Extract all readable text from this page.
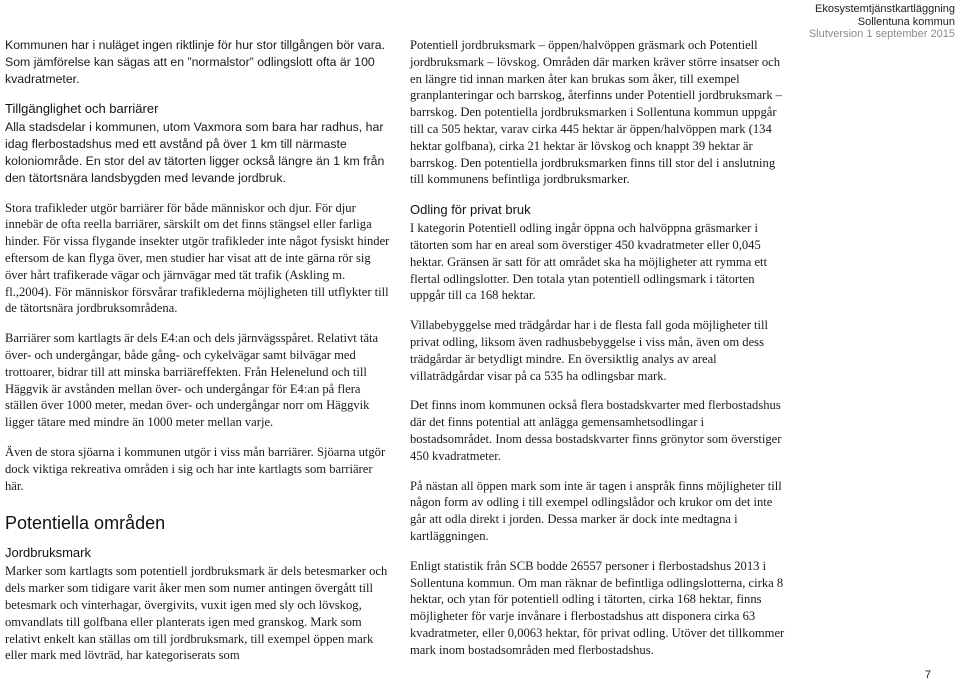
Ekosystemtjänstkartläggning
Sollentuna kommun
Slutversion 1 september 2015

Kommunen har i nuläget ingen riktlinje för hur stor tillgången bör vara. Som jämförelse kan sägas att en ”normalstor” odlingslott ofta är 100 kvadratmeter.

Tillgänglighet och barriärer

Alla stadsdelar i kommunen, utom Vaxmora som bara har radhus, har idag flerbostadshus med ett avstånd på över 1 km till närmaste koloniområde. En stor del av tätorten ligger också längre än 1 km från den tätortsnära landsbygden med levande jordbruk.

Stora trafikleder utgör barriärer för både människor och djur. För djur innebär de ofta reella barriärer, särskilt om det finns stängsel eller farliga hinder. För vissa flygande insekter utgör trafikleder inte något fysiskt hinder eftersom de kan flyga över, men studier har visat att de inte gärna rör sig över hårt trafikerade vägar och järnvägar med tät trafik (Askling m. fl.,2004). För människor försvårar trafiklederna möjligheten till utflykter till de tätortsnära jordbruksområdena.

Barriärer som kartlagts är dels E4:an och dels järnvägsspåret. Relativt täta över- och undergångar, både gång- och cykelvägar samt bilvägar med trottoarer, bidrar till att minska barriäreffekten. Från Helenelund och till Häggvik är avstånden mellan över- och undergångar för E4:an på flera ställen över 1000 meter, medan över- och undergångar norr om Häggvik ligger tätare med mindre än 1000 meter mellan varje.

Även de stora sjöarna i kommunen utgör i viss mån barriärer. Sjöarna utgör dock viktiga rekreativa områden i sig och har inte kartlagts som barriärer här.

Potentiella områden
Jordbruksmark

Marker som kartlagts som potentiell jordbruksmark är dels betesmarker och dels marker som tidigare varit åker men som numer antingen övergått till betesmark och vinterhagar, övergivits, vuxit igen med sly och lövskog, omvandlats till golfbana eller planterats igen med granskog. Mark som relativt enkelt kan ställas om till jordbruksmark, till exempel öppen mark eller mark med lövträd, har kategoriserats som

Potentiell jordbruksmark – öppen/halvöppen gräsmark och Potentiell jordbruksmark – lövskog. Områden där marken kräver större insatser och en längre tid innan marken åter kan brukas som åker, till exempel granplanteringar och barrskog, återfinns under Potentiell jordbruksmark – barrskog. Den potentiella jordbruksmarken i Sollentuna kommun uppgår till ca 505 hektar, varav cirka 445 hektar är öppen/halvöppen mark (134 hektar golfbana), cirka 21 hektar är lövskog och knappt 39 hektar är barrskog. Den potentiella jordbruksmarken finns till stor del i anslutning till kommunens befintliga jordbruksmarker.

Odling för privat bruk

I kategorin Potentiell odling ingår öppna och halvöppna gräsmarker i tätorten som har en areal som överstiger 450 kvadratmeter eller 0,045 hektar. Gränsen är satt för att området ska ha möjligheter att rymma ett flertal odlingslotter. Den totala ytan potentiell odlingsmark i tätorten uppgår till ca 168 hektar.

Villabebyggelse med trädgårdar har i de flesta fall goda möjligheter till privat odling, liksom även radhusbebyggelse i viss mån, även om dess trädgårdar är betydligt mindre. En översiktlig analys av areal villaträdgårdar visar på ca 535 ha odlingsbar mark.

Det finns inom kommunen också flera bostadskvarter med flerbostadshus där det finns potential att anlägga gemensamhetsodlingar i bostadsområdet. Inom dessa bostadskvarter finns grönytor som överstiger 450 kvadratmeter.

På nästan all öppen mark som inte är tagen i anspråk finns möjligheter till någon form av odling i till exempel odlingslådor och krukor om det inte går att odla direkt i jorden. Dessa marker är dock inte medtagna i kartläggningen.

Enligt statistik från SCB bodde 26557 personer i flerbostadshus 2013 i Sollentuna kommun. Om man räknar de befintliga odlingslotterna, cirka 8 hektar, och ytan för potentiell odling i tätorten, cirka 168 hektar, finns möjligheter för varje invånare i flerbostadshus att disponera cirka 63 kvadratmeter, eller 0,0063 hektar, för privat odling. Utöver det tillkommer mark inom bostadsområden med flerbostadshus.

7
